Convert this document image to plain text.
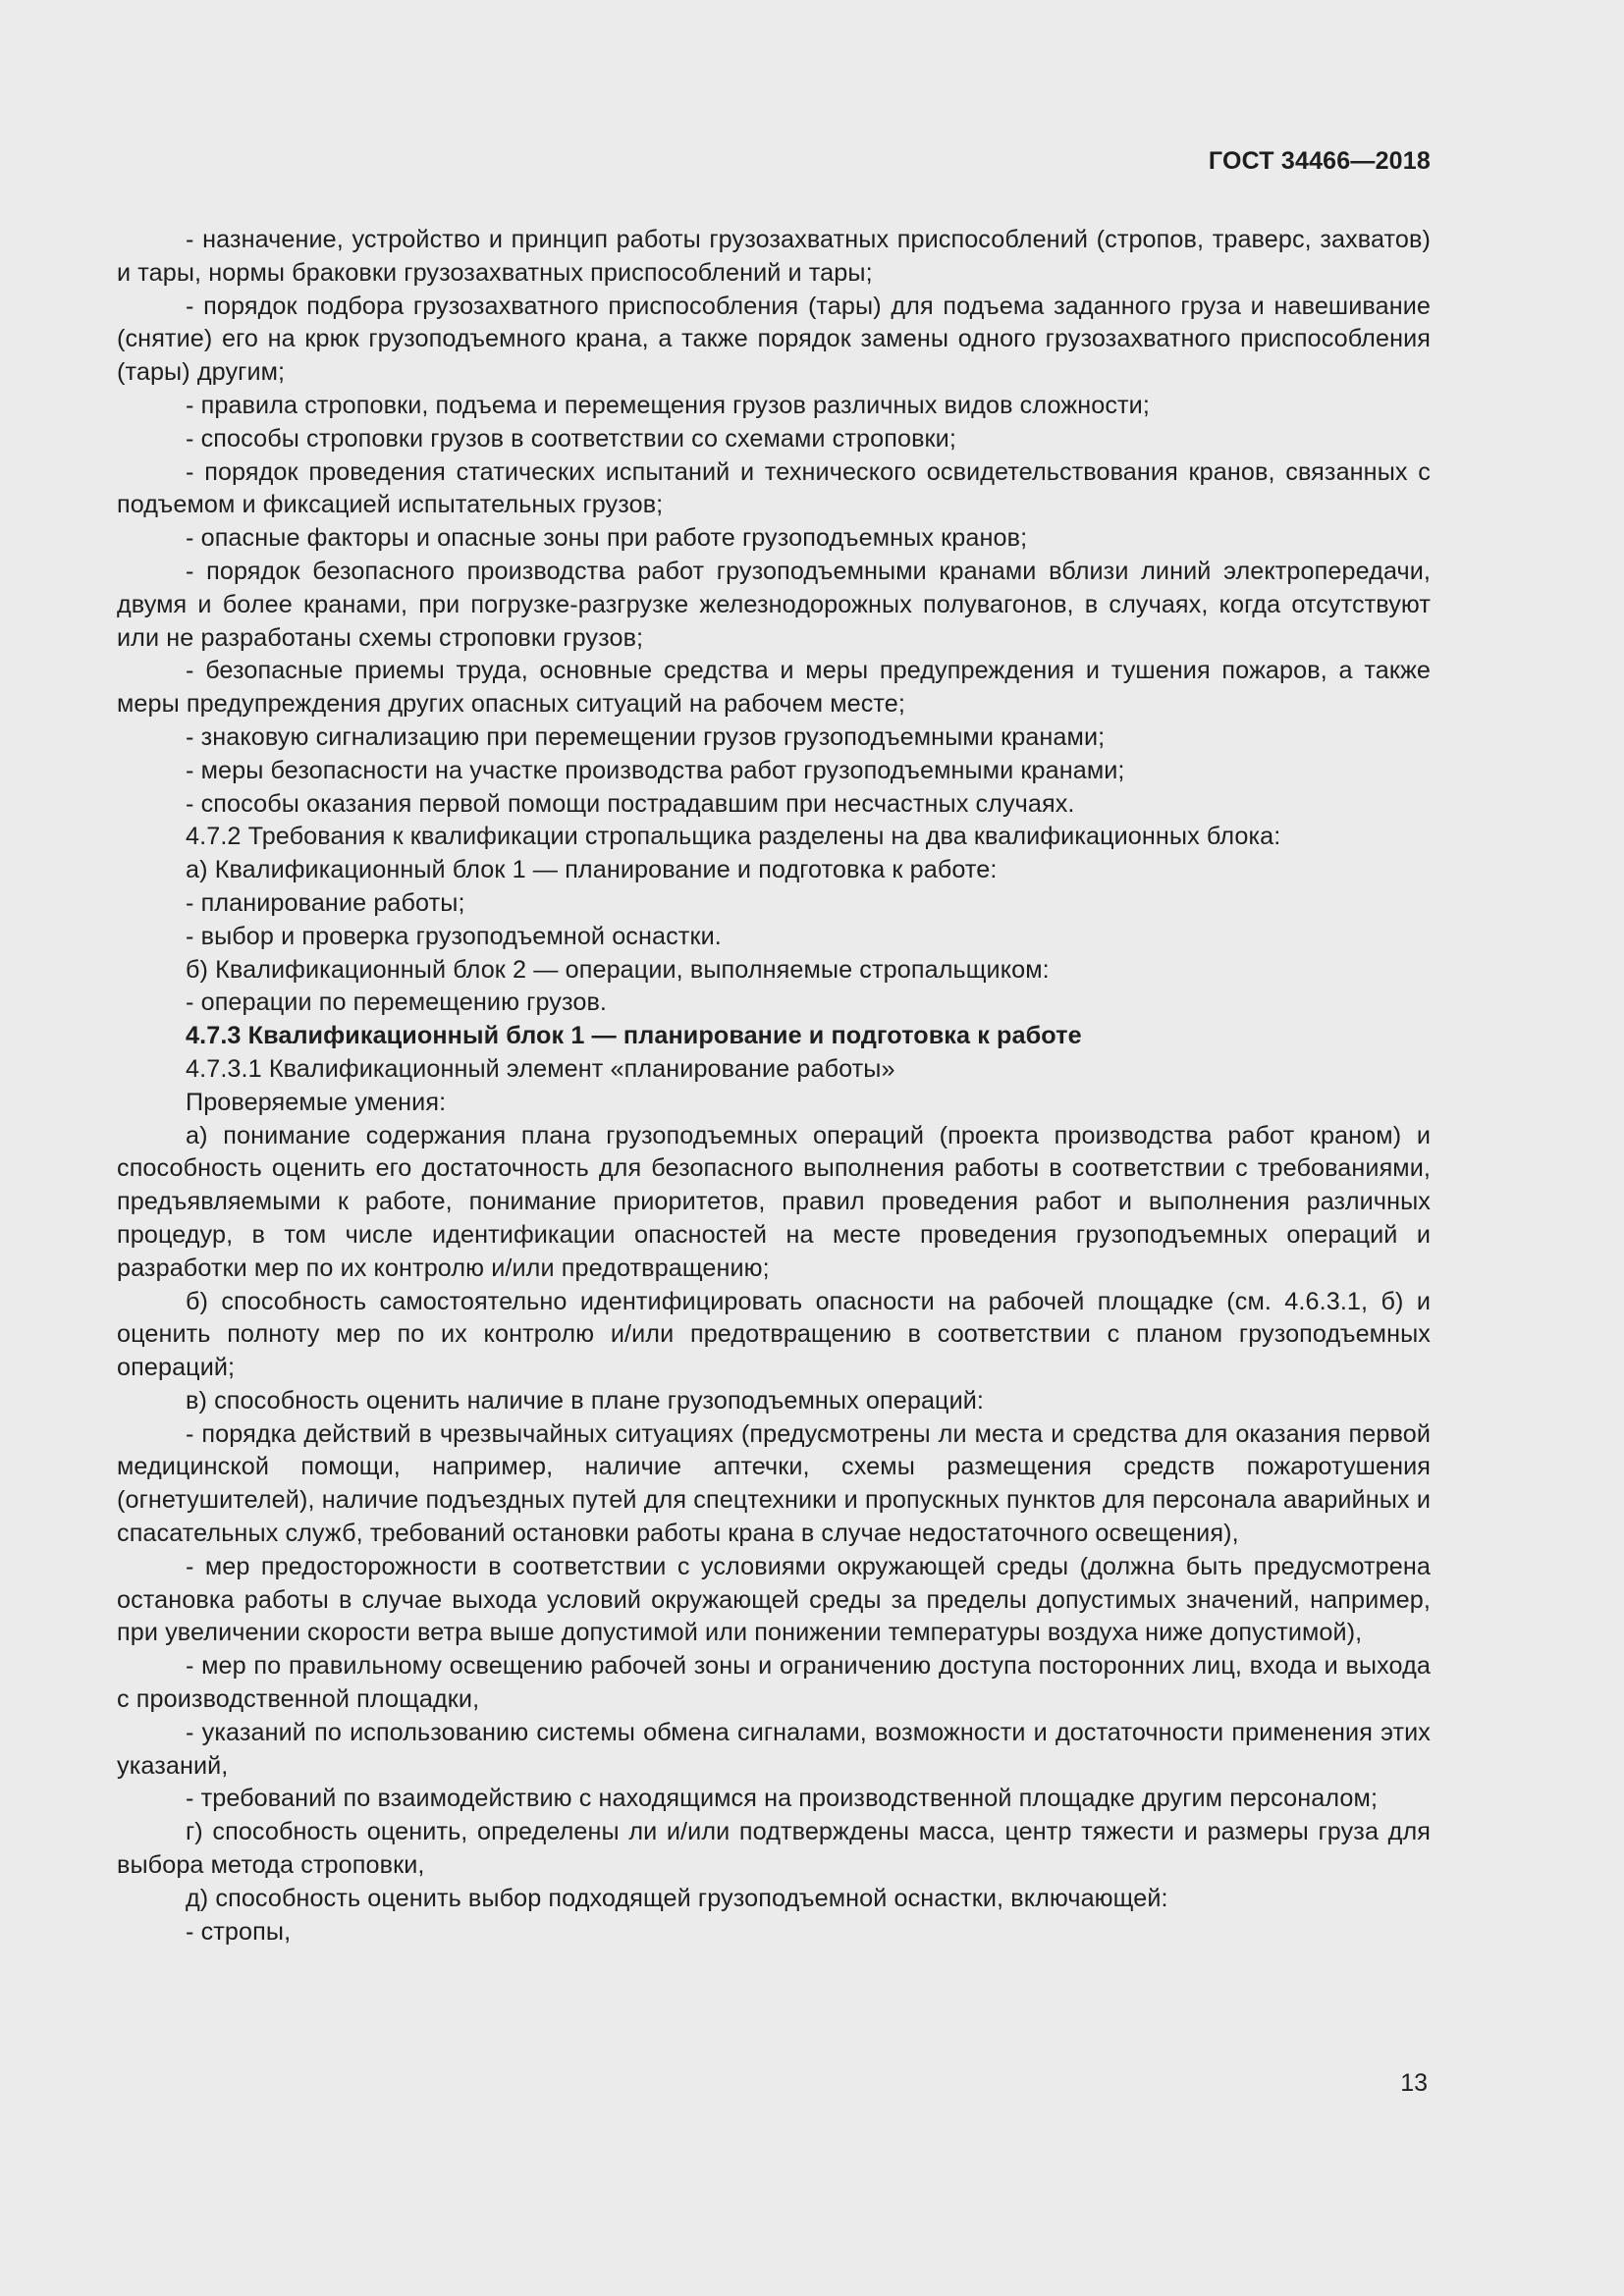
ГОСТ 34466—2018

- назначение, устройство и принцип работы грузозахватных приспособлений (стропов, траверс, захватов) и тары, нормы браковки грузозахватных приспособлений и тары;

- порядок подбора грузозахватного приспособления (тары) для подъема заданного груза и навешивание (снятие) его на крюк грузоподъемного крана, а также порядок замены одного грузозахватного приспособления (тары) другим;

- правила строповки, подъема и перемещения грузов различных видов сложности;

- способы строповки грузов в соответствии со схемами строповки;

- порядок проведения статических испытаний и технического освидетельствования кранов, связанных с подъемом и фиксацией испытательных грузов;

- опасные факторы и опасные зоны при работе грузоподъемных кранов;

- порядок безопасного производства работ грузоподъемными кранами вблизи линий электропередачи, двумя и более кранами, при погрузке-разгрузке железнодорожных полувагонов, в случаях, когда отсутствуют или не разработаны схемы строповки грузов;

- безопасные приемы труда, основные средства и меры предупреждения и тушения пожаров, а также меры предупреждения других опасных ситуаций на рабочем месте;

- знаковую сигнализацию при перемещении грузов грузоподъемными кранами;

- меры безопасности на участке производства работ грузоподъемными кранами;

- способы оказания первой помощи пострадавшим при несчастных случаях.

4.7.2 Требования к квалификации стропальщика разделены на два квалификационных блока:

а) Квалификационный блок 1 — планирование и подготовка к работе:

- планирование работы;

- выбор и проверка грузоподъемной оснастки.

б) Квалификационный блок 2 — операции, выполняемые стропальщиком:

- операции по перемещению грузов.

4.7.3 Квалификационный блок 1 — планирование и подготовка к работе

4.7.3.1 Квалификационный элемент «планирование работы»

Проверяемые умения:

а) понимание содержания плана грузоподъемных операций (проекта производства работ краном) и способность оценить его достаточность для безопасного выполнения работы в соответствии с требованиями, предъявляемыми к работе, понимание приоритетов, правил проведения работ и выполнения различных процедур, в том числе идентификации опасностей на месте проведения грузоподъемных операций и разработки мер по их контролю и/или предотвращению;

б) способность самостоятельно идентифицировать опасности на рабочей площадке (см. 4.6.3.1, б) и оценить полноту мер по их контролю и/или предотвращению в соответствии с планом грузоподъемных операций;

в) способность оценить наличие в плане грузоподъемных операций:

- порядка действий в чрезвычайных ситуациях (предусмотрены ли места и средства для оказания первой медицинской помощи, например, наличие аптечки, схемы размещения средств пожаротушения (огнетушителей), наличие подъездных путей для спецтехники и пропускных пунктов для персонала аварийных и спасательных служб, требований остановки работы крана в случае недостаточного освещения),

- мер предосторожности в соответствии с условиями окружающей среды (должна быть предусмотрена остановка работы в случае выхода условий окружающей среды за пределы допустимых значений, например, при увеличении скорости ветра выше допустимой или понижении температуры воздуха ниже допустимой),

- мер по правильному освещению рабочей зоны и ограничению доступа посторонних лиц, входа и выхода с производственной площадки,

- указаний по использованию системы обмена сигналами, возможности и достаточности применения этих указаний,

- требований по взаимодействию с находящимся на производственной площадке другим персоналом;

г) способность оценить, определены ли и/или подтверждены масса, центр тяжести и размеры груза для выбора метода строповки,

д) способность оценить выбор подходящей грузоподъемной оснастки, включающей:

- стропы,

13
